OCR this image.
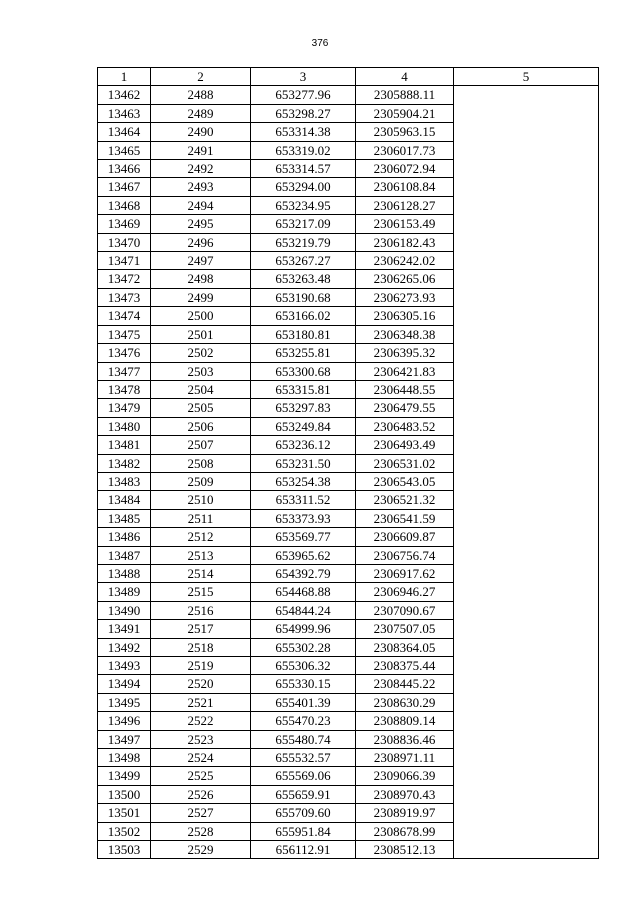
376
1	2	3	4	5
13462	2488	653277.96	2305888.11	
13463	2489	653298.27	2305904.21	
13464	2490	653314.38	2305963.15	
13465	2491	653319.02	2306017.73	
13466	2492	653314.57	2306072.94	
13467	2493	653294.00	2306108.84	
13468	2494	653234.95	2306128.27	
13469	2495	653217.09	2306153.49	
13470	2496	653219.79	2306182.43	
13471	2497	653267.27	2306242.02	
13472	2498	653263.48	2306265.06	
13473	2499	653190.68	2306273.93	
13474	2500	653166.02	2306305.16	
13475	2501	653180.81	2306348.38	
13476	2502	653255.81	2306395.32	
13477	2503	653300.68	2306421.83	
13478	2504	653315.81	2306448.55	
13479	2505	653297.83	2306479.55	
13480	2506	653249.84	2306483.52	
13481	2507	653236.12	2306493.49	
13482	2508	653231.50	2306531.02	
13483	2509	653254.38	2306543.05	
13484	2510	653311.52	2306521.32	
13485	2511	653373.93	2306541.59	
13486	2512	653569.77	2306609.87	
13487	2513	653965.62	2306756.74	
13488	2514	654392.79	2306917.62	
13489	2515	654468.88	2306946.27	
13490	2516	654844.24	2307090.67	
13491	2517	654999.96	2307507.05	
13492	2518	655302.28	2308364.05	
13493	2519	655306.32	2308375.44	
13494	2520	655330.15	2308445.22	
13495	2521	655401.39	2308630.29	
13496	2522	655470.23	2308809.14	
13497	2523	655480.74	2308836.46	
13498	2524	655532.57	2308971.11	
13499	2525	655569.06	2309066.39	
13500	2526	655659.91	2308970.43	
13501	2527	655709.60	2308919.97	
13502	2528	655951.84	2308678.99	
13503	2529	656112.91	2308512.13	
